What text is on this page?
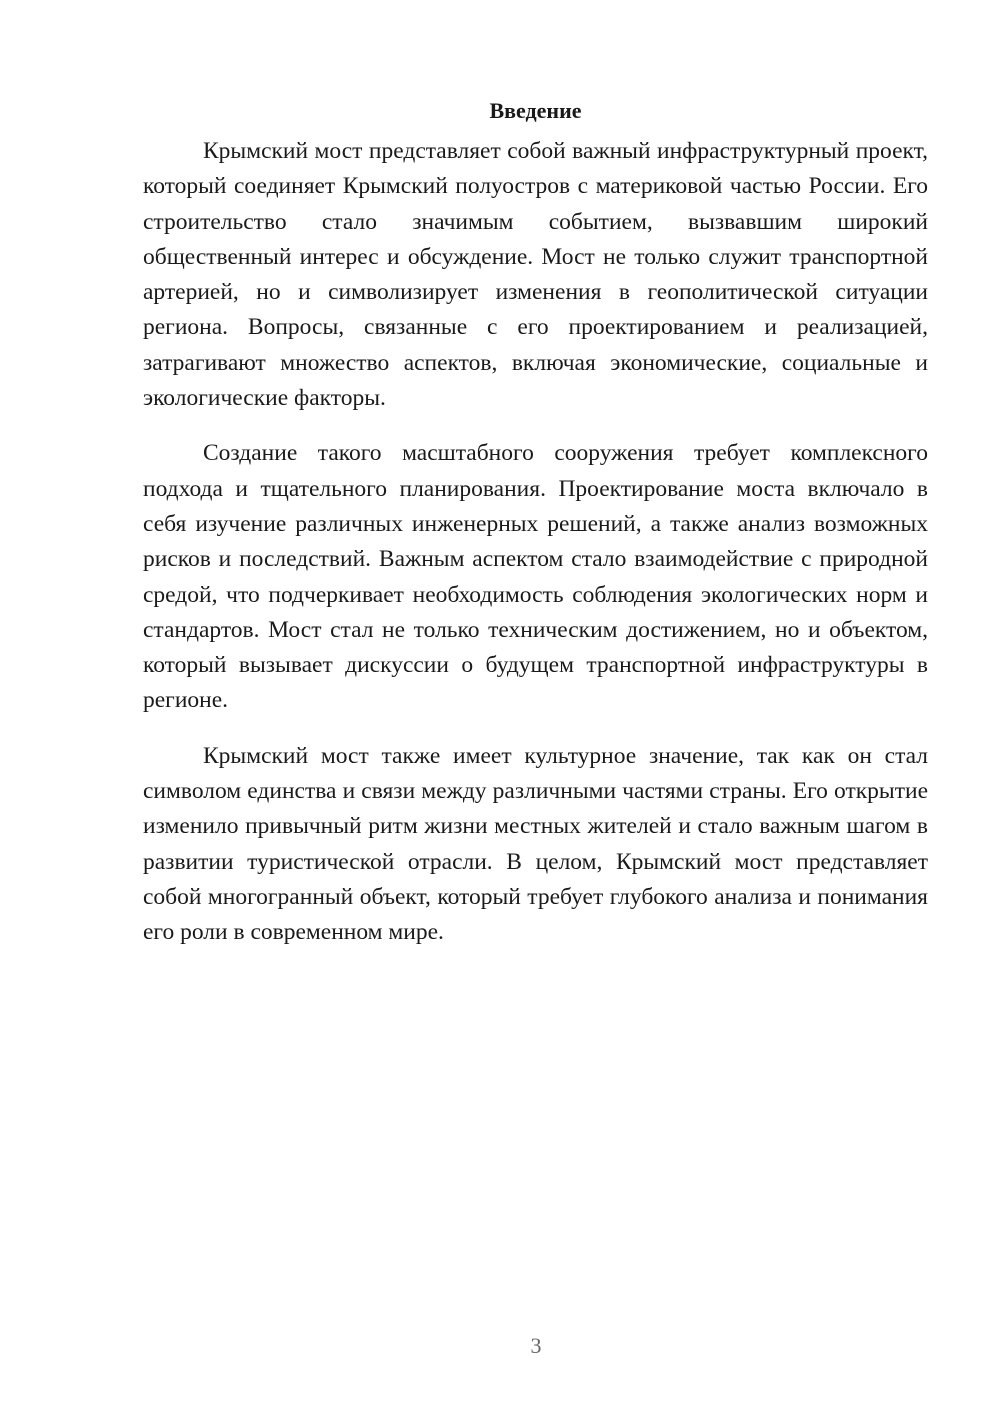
Введение

Крымский мост представляет собой важный инфраструктурный проект, который соединяет Крымский полуостров с материковой частью России. Его строительство стало значимым событием, вызвавшим широкий общественный интерес и обсуждение. Мост не только служит транспортной артерией, но и символизирует изменения в геополитической ситуации региона. Вопросы, связанные с его проектированием и реализацией, затрагивают множество аспектов, включая экономические, социальные и экологические факторы.

Создание такого масштабного сооружения требует комплексного подхода и тщательного планирования. Проектирование моста включало в себя изучение различных инженерных решений, а также анализ возможных рисков и последствий. Важным аспектом стало взаимодействие с природной средой, что подчеркивает необходимость соблюдения экологических норм и стандартов. Мост стал не только техническим достижением, но и объектом, который вызывает дискуссии о будущем транспортной инфраструктуры в регионе.

Крымский мост также имеет культурное значение, так как он стал символом единства и связи между различными частями страны. Его открытие изменило привычный ритм жизни местных жителей и стало важным шагом в развитии туристической отрасли. В целом, Крымский мост представляет собой многогранный объект, который требует глубокого анализа и понимания его роли в современном мире.

3
